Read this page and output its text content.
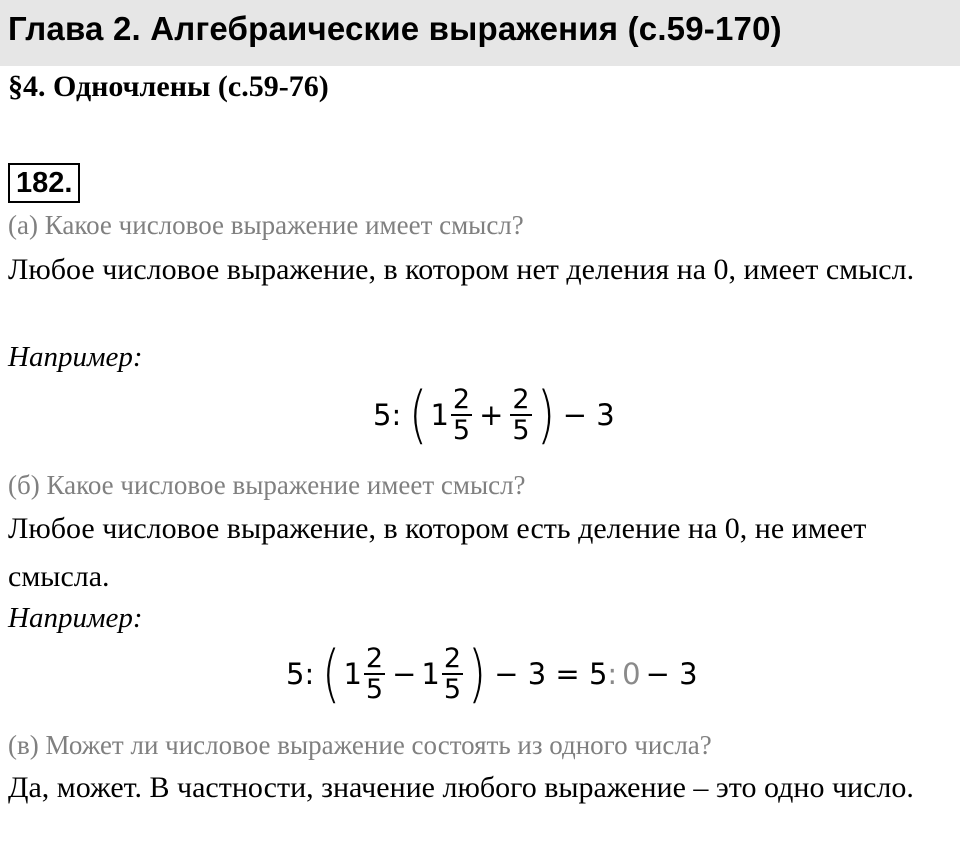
Глава 2. Алгебраические выражения (с.59-170)
§4. Одночлены (с.59-76)
182.
(а) Какое числовое выражение имеет смысл?
Любое числовое выражение, в котором нет деления на 0, имеет смысл.
Например:
5: ( $1 \frac{2}{5} + \frac{2}{5}$ ) − 3
(б) Какое числовое выражение имеет смысл?
Любое числовое выражение, в котором есть деление на 0, не имеет смысла.
Например:
5: ( $1 \frac{2}{5} - 1 \frac{2}{5}$ ) − 3 = 5 : 0 − 3
(в) Может ли числовое выражение состоять из одного числа?
Да, может. В частности, значение любого выражение – это одно число.
